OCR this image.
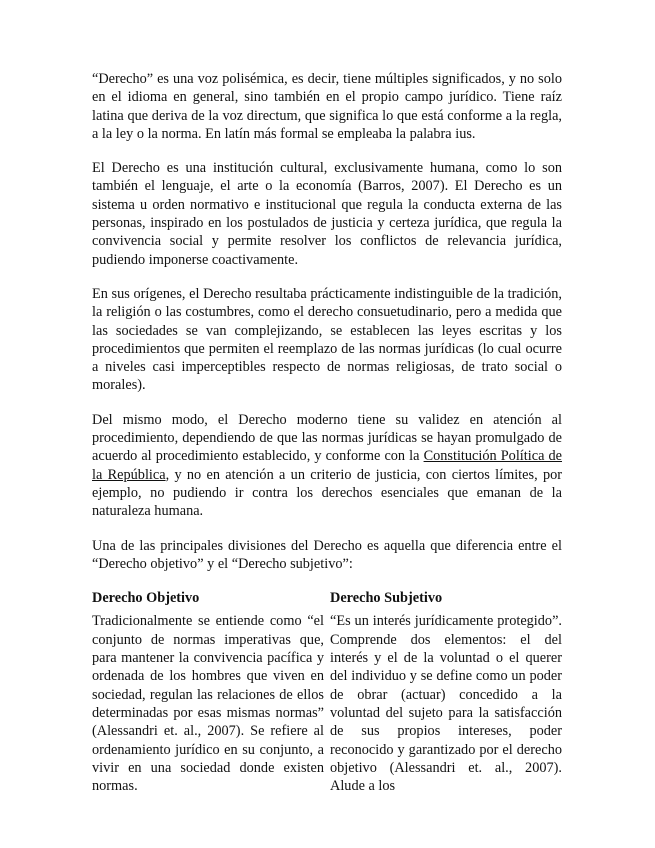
“Derecho” es una voz polisémica, es decir, tiene múltiples significados, y no solo en el idioma en general, sino también en el propio campo jurídico. Tiene raíz latina que deriva de la voz directum, que significa lo que está conforme a la regla, a la ley o la norma. En latín más formal se empleaba la palabra ius.

El Derecho es una institución cultural, exclusivamente humana, como lo son también el lenguaje, el arte o la economía (Barros, 2007). El Derecho es un sistema u orden normativo e institucional que regula la conducta externa de las personas, inspirado en los postulados de justicia y certeza jurídica, que regula la convivencia social y permite resolver los conflictos de relevancia jurídica, pudiendo imponerse coactivamente.

En sus orígenes, el Derecho resultaba prácticamente indistinguible de la tradición, la religión o las costumbres, como el derecho consuetudinario, pero a medida que las sociedades se van complejizando, se establecen las leyes escritas y los procedimientos que permiten el reemplazo de las normas jurídicas (lo cual ocurre a niveles casi imperceptibles respecto de normas religiosas, de trato social o morales).

Del mismo modo, el Derecho moderno tiene su validez en atención al procedimiento, dependiendo de que las normas jurídicas se hayan promulgado de acuerdo al procedimiento establecido, y conforme con la Constitución Política de la República, y no en atención a un criterio de justicia, con ciertos límites, por ejemplo, no pudiendo ir contra los derechos esenciales que emanan de la naturaleza humana.

Una de las principales divisiones del Derecho es aquella que diferencia entre el “Derecho objetivo” y el “Derecho subjetivo”:

Derecho Objetivo

Tradicionalmente se entiende como “el conjunto de normas imperativas que, para mantener la convivencia pacífica y ordenada de los hombres que viven en sociedad, regulan las relaciones de ellos determinadas por esas mismas normas” (Alessandri et. al., 2007). Se refiere al ordenamiento jurídico en su conjunto, a vivir en una sociedad donde existen normas.

Derecho Subjetivo

“Es un interés jurídicamente protegido”. Comprende dos elementos: el del interés y el de la voluntad o el querer del individuo y se define como un poder de obrar (actuar) concedido a la voluntad del sujeto para la satisfacción de sus propios intereses, poder reconocido y garantizado por el derecho objetivo (Alessandri et. al., 2007). Alude a los
